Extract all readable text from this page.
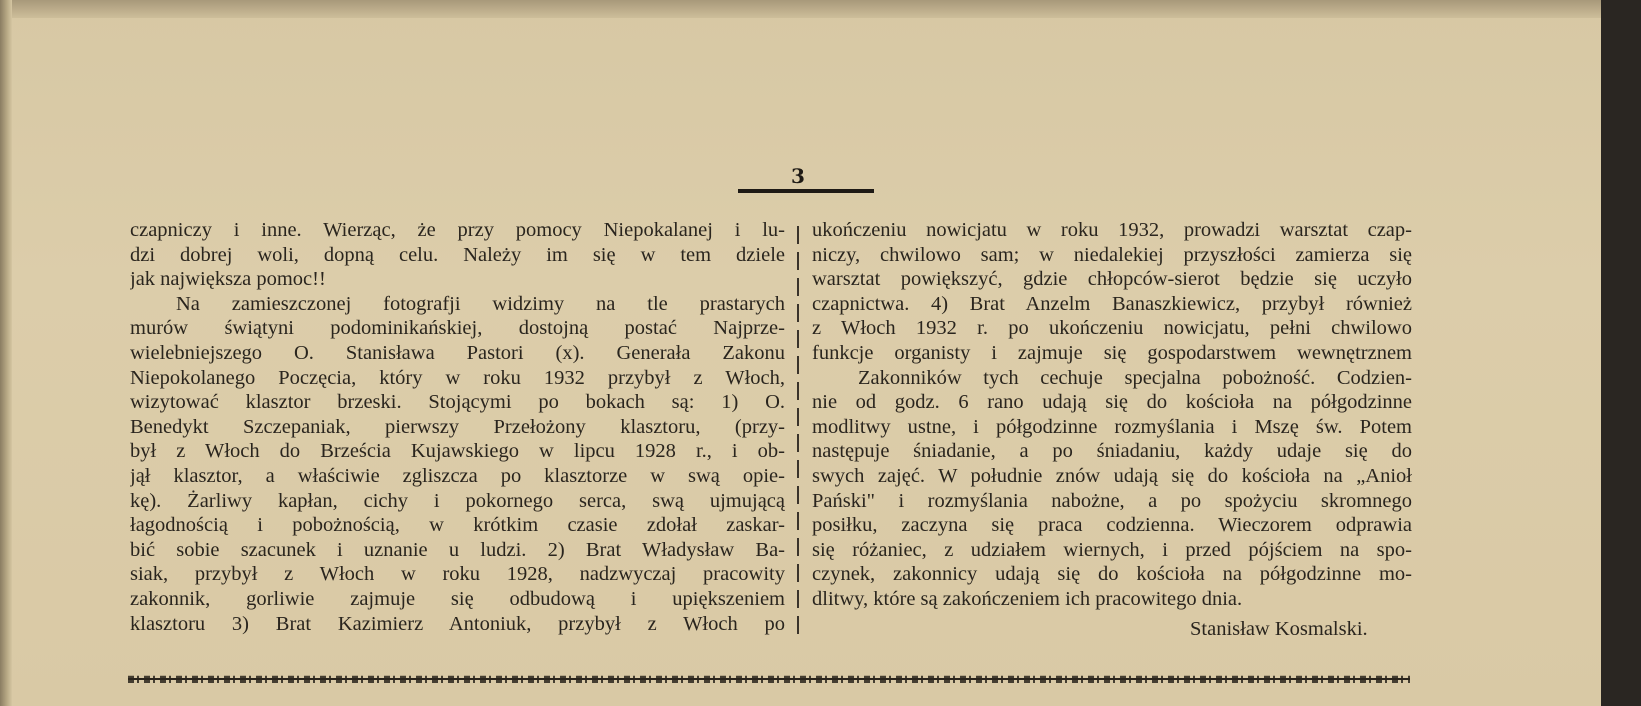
3
czapniczy i inne. Wierząc, że przy pomocy Niepokalanej i lu-
dzi dobrej woli, dopną celu. Należy im się w tem dziele
jak największa pomoc!!
Na zamieszczonej fotografji widzimy na tle prastarych
murów świątyni podominikańskiej, dostojną postać Najprze-
wielebniejszego O. Stanisława Pastori (x). Generała Zakonu
Niepokolanego Poczęcia, który w roku 1932 przybył z Włoch,
wizytować klasztor brzeski. Stojącymi po bokach są: 1) O.
Benedykt Szczepaniak, pierwszy Przełożony klasztoru, (przy-
był z Włoch do Brześcia Kujawskiego w lipcu 1928 r., i ob-
jął klasztor, a właściwie zgliszcza po klasztorze w swą opie-
kę). Żarliwy kapłan, cichy i pokornego serca, swą ujmującą
łagodnością i pobożnością, w krótkim czasie zdołał zaskar-
bić sobie szacunek i uznanie u ludzi. 2) Brat Władysław Ba-
siak, przybył z Włoch w roku 1928, nadzwyczaj pracowity
zakonnik, gorliwie zajmuje się odbudową i upiększeniem
klasztoru 3) Brat Kazimierz Antoniuk, przybył z Włoch po
ukończeniu nowicjatu w roku 1932, prowadzi warsztat czap-
niczy, chwilowo sam; w niedalekiej przyszłości zamierza się
warsztat powiększyć, gdzie chłopców-sierot będzie się uczyło
czapnictwa. 4) Brat Anzelm Banaszkiewicz, przybył również
z Włoch 1932 r. po ukończeniu nowicjatu, pełni chwilowo
funkcje organisty i zajmuje się gospodarstwem wewnętrznem
Zakonników tych cechuje specjalna pobożność. Codzien-
nie od godz. 6 rano udają się do kościoła na półgodzinne
modlitwy ustne, i półgodzinne rozmyślania i Mszę św. Potem
następuje śniadanie, a po śniadaniu, każdy udaje się do
swych zajęć. W południe znów udają się do kościoła na „Anioł
Pański" i rozmyślania nabożne, a po spożyciu skromnego
posiłku, zaczyna się praca codzienna. Wieczorem odprawia
się różaniec, z udziałem wiernych, i przed pójściem na spo-
czynek, zakonnicy udają się do kościoła na półgodzinne mo-
dlitwy, które są zakończeniem ich pracowitego dnia.
Stanisław Kosmalski.
